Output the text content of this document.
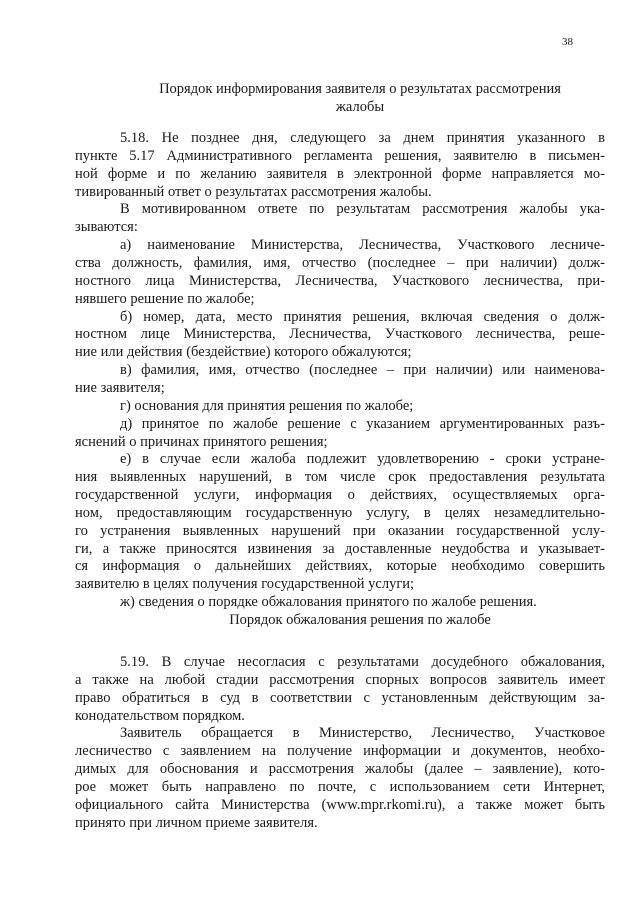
38
Порядок информирования заявителя о результатах рассмотрения
жалобы
5.18. Не позднее дня, следующего за днем принятия указанного в
пункте 5.17 Административного регламента решения, заявителю в письмен-
ной форме и по желанию заявителя в электронной форме направляется мо-
тивированный ответ о результатах рассмотрения жалобы.
В мотивированном ответе по результатам рассмотрения жалобы ука-
зываются:
а) наименование Министерства, Лесничества, Участкового лесниче-
ства должность, фамилия, имя, отчество (последнее – при наличии) долж-
ностного лица Министерства, Лесничества, Участкового лесничества, при-
нявшего решение по жалобе;
б) номер, дата, место принятия решения, включая сведения о долж-
ностном лице Министерства, Лесничества, Участкового лесничества, реше-
ние или действия (бездействие) которого обжалуются;
в) фамилия, имя, отчество (последнее – при наличии) или наименова-
ние заявителя;
г) основания для принятия решения по жалобе;
д) принятое по жалобе решение с указанием аргументированных разъ-
яснений о причинах принятого решения;
е) в случае если жалоба подлежит удовлетворению - сроки устране-
ния выявленных нарушений, в том числе срок предоставления результата
государственной услуги, информация о действиях, осуществляемых орга-
ном, предоставляющим государственную услугу, в целях незамедлительно-
го устранения выявленных нарушений при оказании государственной услу-
ги, а также приносятся извинения за доставленные неудобства и указывает-
ся информация о дальнейших действиях, которые необходимо совершить
заявителю в целях получения государственной услуги;
ж) сведения о порядке обжалования принятого по жалобе решения.
Порядок обжалования решения по жалобе
5.19. В случае несогласия с результатами досудебного обжалования,
а также на любой стадии рассмотрения спорных вопросов заявитель имеет
право обратиться в суд в соответствии с установленным действующим за-
конодательством порядком.
Заявитель обращается в Министерство, Лесничество, Участковое
лесничество с заявлением на получение информации и документов, необхо-
димых для обоснования и рассмотрения жалобы (далее – заявление), кото-
рое может быть направлено по почте, с использованием сети Интернет,
официального сайта Министерства (www.mpr.rkomi.ru), а также может быть
принято при личном приеме заявителя.
